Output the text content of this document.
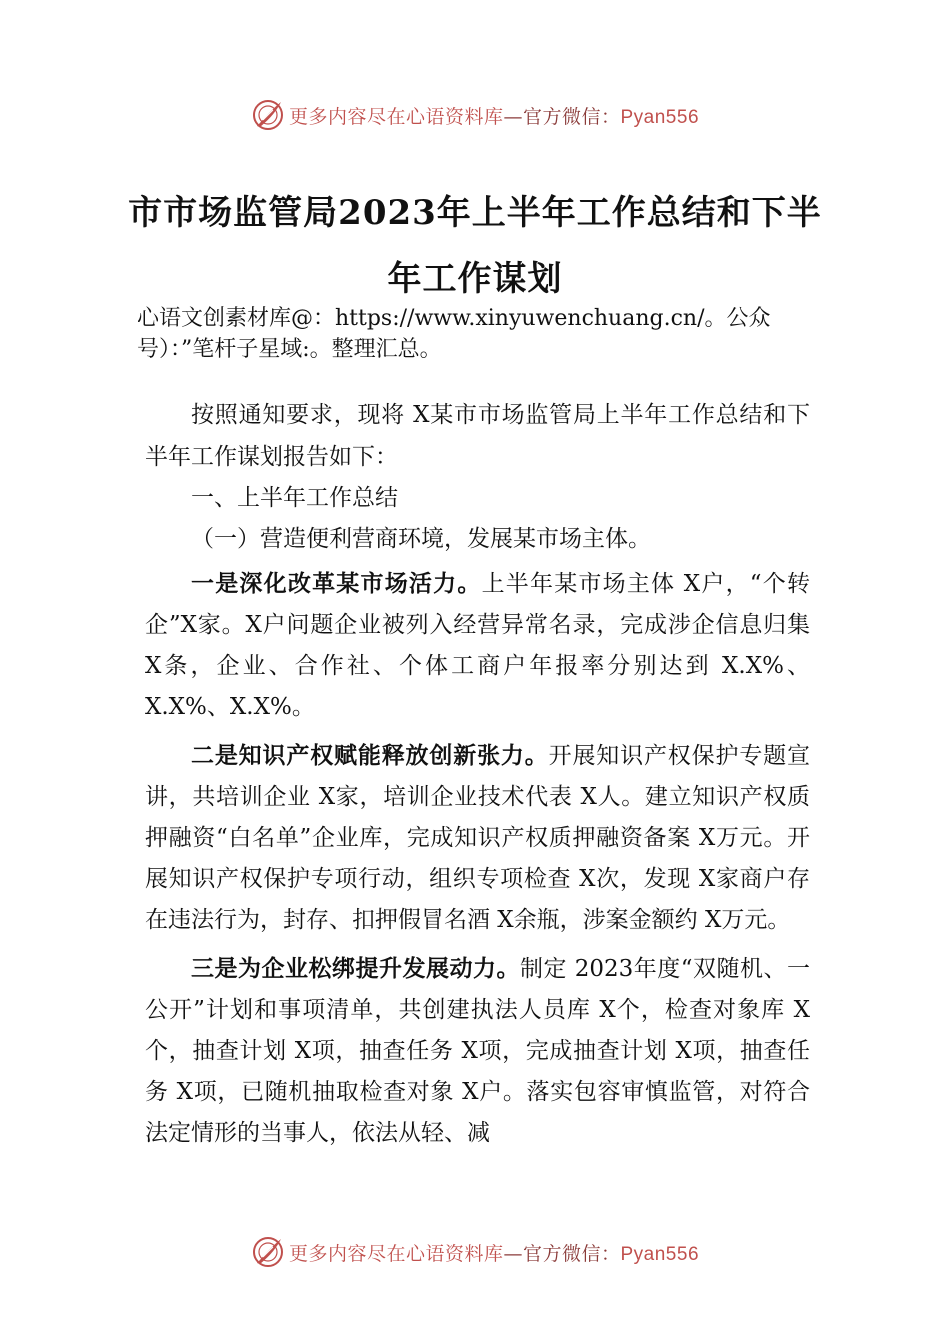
更多内容尽在心语资料库—官方微信：Pyan556
市市场监管局2023年上半年工作总结和下半年工作谋划
心语文创素材库@：https://www.xinyuwenchuang.cn/。公众号）：”笔杆子星域:。整理汇总。

按照通知要求，现将 X某市市场监管局上半年工作总结和下半年工作谋划报告如下：

一、上半年工作总结

（一）营造便利营商环境，发展某市场主体。

一是深化改革某市场活力。上半年某市场主体 X户，“个转企”X家。X户问题企业被列入经营异常名录，完成涉企信息归集 X条，企业、合作社、个体工商户年报率分别达到 X.X%、X.X%、X.X%。

二是知识产权赋能释放创新张力。开展知识产权保护专题宣讲，共培训企业 X家，培训企业技术代表 X人。建立知识产权质押融资“白名单”企业库，完成知识产权质押融资备案 X万元。开展知识产权保护专项行动，组织专项检查 X次，发现 X家商户存在违法行为，封存、扣押假冒名酒 X余瓶，涉案金额约 X万元。

三是为企业松绑提升发展动力。制定 2023年度“双随机、一公开”计划和事项清单，共创建执法人员库 X个，检查对象库 X个，抽查计划 X项，抽查任务 X项，完成抽查计划 X项，抽查任务 X项，已随机抽取检查对象 X户。落实包容审慎监管，对符合法定情形的当事人，依法从轻、减

更多内容尽在心语资料库—官方微信：Pyan556
